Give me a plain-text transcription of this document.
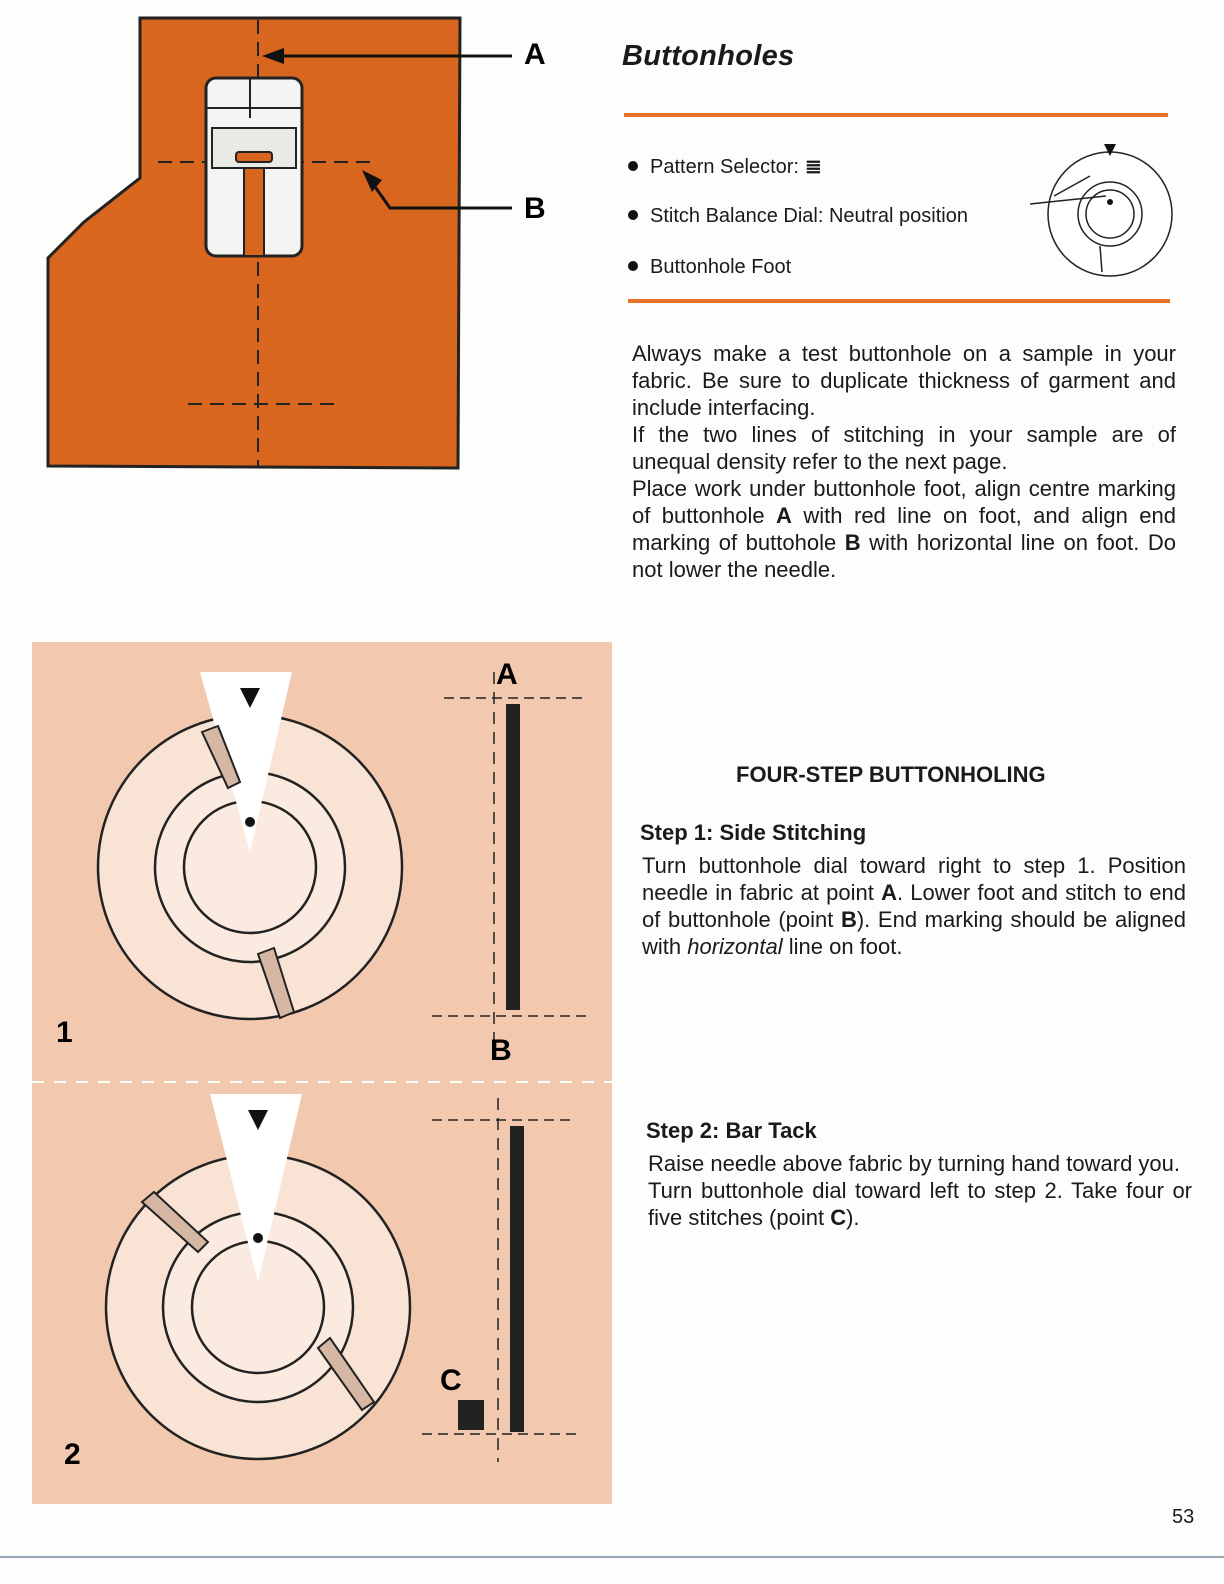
A
B
Buttonholes
Pattern Selector: ≣
Stitch Balance Dial: Neutral position
Buttonhole Foot

Always make a test buttonhole on a sample in your fabric. Be sure to duplicate thickness of garment and include interfacing.

If the two lines of stitching in your sample are of unequal density refer to the next page.

Place work under buttonhole foot, align centre marking of buttonhole A with red line on foot, and align end marking of buttohole B with horizontal line on foot. Do not lower the needle.

A
B
C
1
2
FOUR-STEP BUTTONHOLING
Step 1: Side Stitching

Turn buttonhole dial toward right to step 1. Position needle in fabric at point A. Lower foot and stitch to end of buttonhole (point B). End marking should be aligned with horizontal line on foot.

Step 2: Bar Tack

Raise needle above fabric by turning hand toward you.

Turn buttonhole dial toward left to step 2. Take four or five stitches (point C).

53
